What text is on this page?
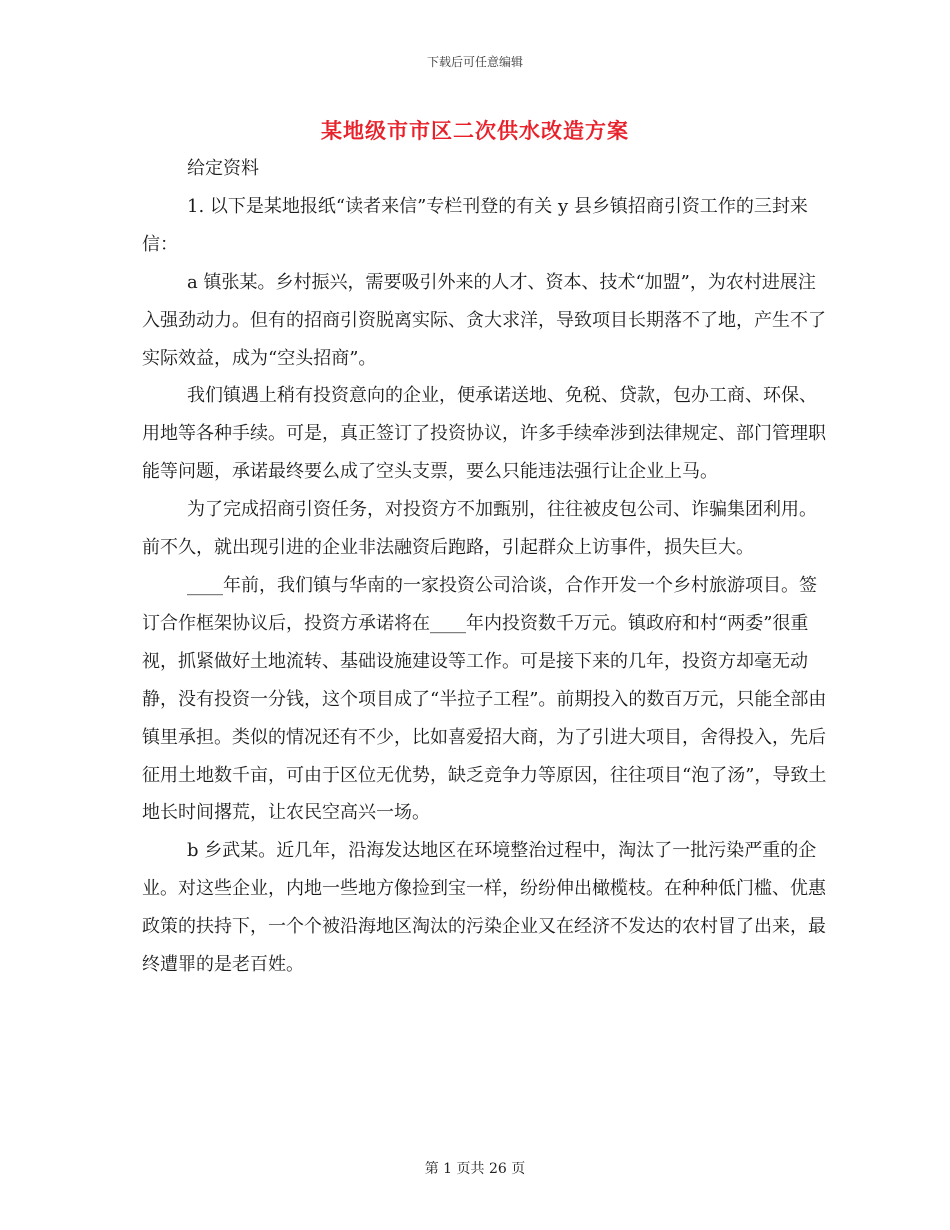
下载后可任意编辑
某地级市市区二次供水改造方案

给定资料

1. 以下是某地报纸“读者来信”专栏刊登的有关 y 县乡镇招商引资工作的三封来信：

a 镇张某。乡村振兴，需要吸引外来的人才、资本、技术“加盟”，为农村进展注入强劲动力。但有的招商引资脱离实际、贪大求洋，导致项目长期落不了地，产生不了实际效益，成为“空头招商”。

我们镇遇上稍有投资意向的企业，便承诺送地、免税、贷款，包办工商、环保、用地等各种手续。可是，真正签订了投资协议，许多手续牵涉到法律规定、部门管理职能等问题，承诺最终要么成了空头支票，要么只能违法强行让企业上马。

为了完成招商引资任务，对投资方不加甄别，往往被皮包公司、诈骗集团利用。前不久，就出现引进的企业非法融资后跑路，引起群众上访事件，损失巨大。

____年前，我们镇与华南的一家投资公司洽谈，合作开发一个乡村旅游项目。签订合作框架协议后，投资方承诺将在____年内投资数千万元。镇政府和村“两委”很重视，抓紧做好土地流转、基础设施建设等工作。可是接下来的几年，投资方却毫无动静，没有投资一分钱，这个项目成了“半拉子工程”。前期投入的数百万元，只能全部由镇里承担。类似的情况还有不少，比如喜爱招大商，为了引进大项目，舍得投入，先后征用土地数千亩，可由于区位无优势，缺乏竞争力等原因，往往项目“泡了汤”，导致土地长时间撂荒，让农民空高兴一场。

b 乡武某。近几年，沿海发达地区在环境整治过程中，淘汰了一批污染严重的企业。对这些企业，内地一些地方像捡到宝一样，纷纷伸出橄榄枝。在种种低门槛、优惠政策的扶持下，一个个被沿海地区淘汰的污染企业又在经济不发达的农村冒了出来，最终遭罪的是老百姓。

第 1 页共 26 页
